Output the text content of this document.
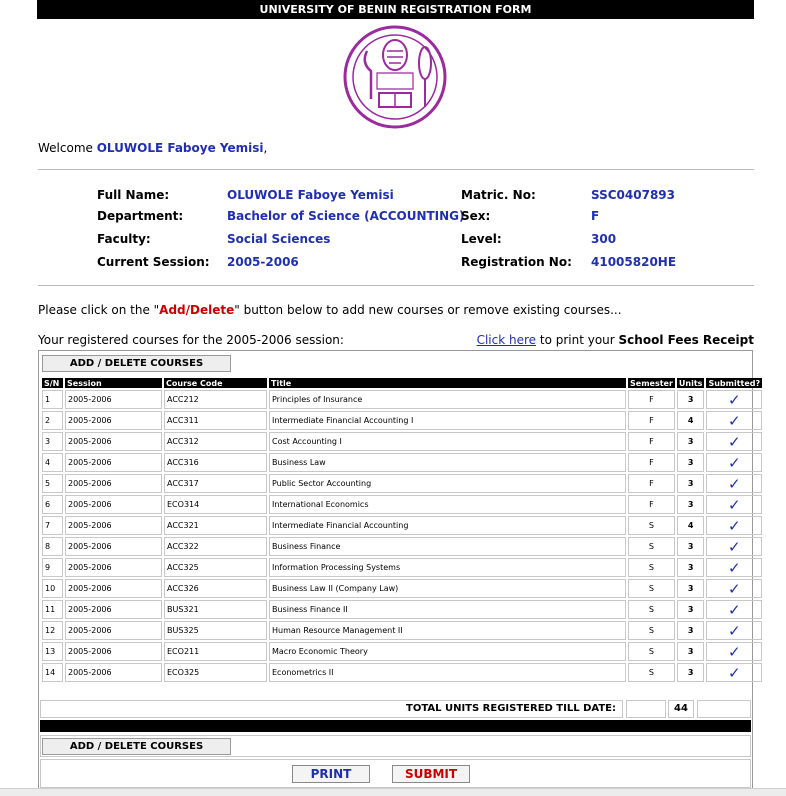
UNIVERSITY OF BENIN REGISTRATION FORM
Welcome OLUWOLE Faboye Yemisi,
Full Name:	OLUWOLE Faboye Yemisi	Matric. No:	SSC0407893
Department:	Bachelor of Science (ACCOUNTING)
Sex:	F
Faculty:	Social Sciences	Level:	300
Current Session: 2005-2006	Registration No: 41005820HE
Please click on the "Add/Delete" button below to add new courses or remove existing courses...
Your registered courses for the 2005-2006 session:	Click here to print your School Fees Receipt
ADD / DELETE COURSES
S/N	Session	Course Code	Title	Semester	Units	Submitted?
1	2005-2006	ACC212	Principles of Insurance	F	3	✓
2	2005-2006	ACC311	Intermediate Financial Accounting I	F	4	✓
3	2005-2006	ACC312	Cost Accounting I	F	3	✓
4	2005-2006	ACC316	Business Law	F	3	✓
5	2005-2006	ACC317	Public Sector Accounting	F	3	✓
6	2005-2006	ECO314	International Economics	F	3	✓
7	2005-2006	ACC321	Intermediate Financial Accounting	S	4	✓
8	2005-2006	ACC322	Business Finance	S	3	✓
9	2005-2006	ACC325	Information Processing Systems	S	3	✓
10	2005-2006	ACC326	Business Law II (Company Law)	S	3	✓
11	2005-2006	BUS321	Business Finance II	S	3	✓
12	2005-2006	BUS325	Human Resource Management II	S	3	✓
13	2005-2006	ECO211	Macro Economic Theory	S	3	✓
14	2005-2006	ECO325	Econometrics II	S	3	✓
TOTAL UNITS REGISTERED TILL DATE:	44
ADD / DELETE COURSES
PRINT	SUBMIT
